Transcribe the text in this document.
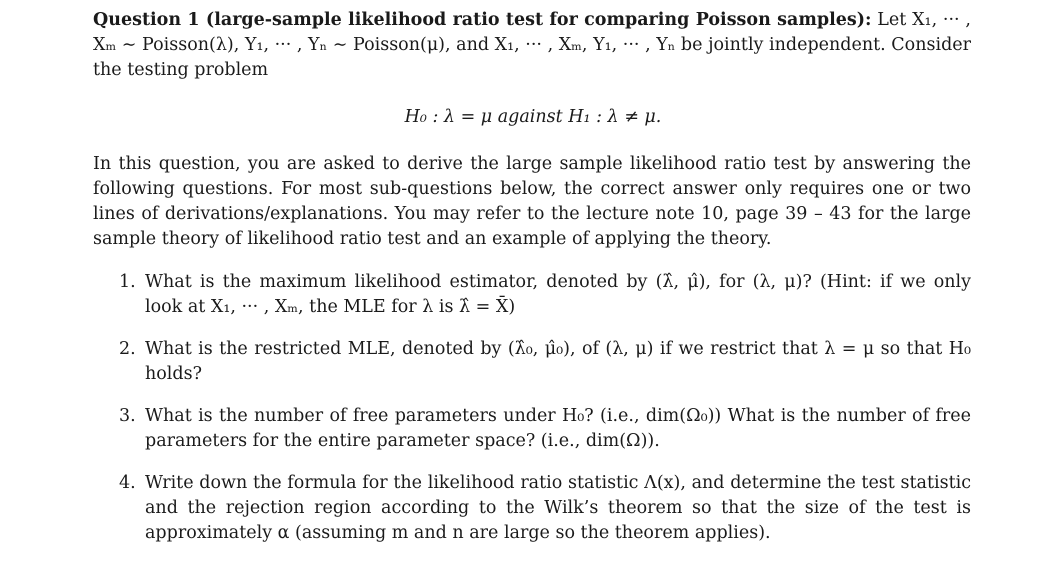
Question 1 (large-sample likelihood ratio test for comparing Poisson samples): Let X₁, ··· , Xₘ ∼ Poisson(λ), Y₁, ··· , Yₙ ∼ Poisson(μ), and X₁, ··· , Xₘ, Y₁, ··· , Yₙ be jointly independent. Consider the testing problem
H₀ : λ = μ against H₁ : λ ≠ μ.
In this question, you are asked to derive the large sample likelihood ratio test by answering the following questions. For most sub-questions below, the correct answer only requires one or two lines of derivations/explanations. You may refer to the lecture note 10, page 39 – 43 for the large sample theory of likelihood ratio test and an example of applying the theory.
1. What is the maximum likelihood estimator, denoted by (λ̂, μ̂), for (λ, μ)? (Hint: if we only look at X₁, ··· , Xₘ, the MLE for λ is λ̂ = X̄)
2. What is the restricted MLE, denoted by (λ̂₀, μ̂₀), of (λ, μ) if we restrict that λ = μ so that H₀ holds?
3. What is the number of free parameters under H₀? (i.e., dim(Ω₀)) What is the number of free parameters for the entire parameter space? (i.e., dim(Ω)).
4. Write down the formula for the likelihood ratio statistic Λ(x), and determine the test statistic and the rejection region according to the Wilk’s theorem so that the size of the test is approximately α (assuming m and n are large so the theorem applies).
